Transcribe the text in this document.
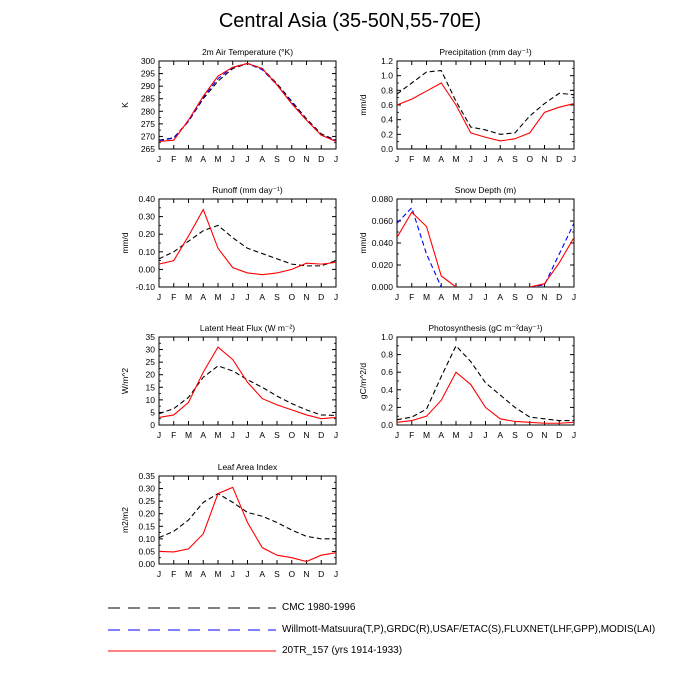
Central Asia (35-50N,55-70E)
2m Air Temperature (°K)
K
265
270
275
280
285
290
295
300
J F M A M J J A S O N D J
Precipitation (mm day⁻¹)
mm/d
0.0
0.2
0.4
0.6
0.8
1.0
1.2
J F M A M J J A S O N D J
Runoff (mm day⁻¹)
mm/d
-0.10
0.00
0.10
0.20
0.30
0.40
J F M A M J J A S O N D J
Snow Depth (m)
mm/d
0.000
0.020
0.040
0.060
0.080
J F M A M J J A S O N D J
Latent Heat Flux (W m⁻²)
W/m^2
0
5
10
15
20
25
30
35
J F M A M J J A S O N D J
Photosynthesis (gC m⁻²day⁻¹)
gC/m^2/d
0.0
0.2
0.4
0.6
0.8
1.0
J F M A M J J A S O N D J
Leaf Area Index
m2/m2
0.00
0.05
0.10
0.15
0.20
0.25
0.30
0.35
J F M A M J J A S O N D J
CMC 1980-1996
Willmott-Matsuura(T,P),GRDC(R),USAF/ETAC(S),FLUXNET(LHF,GPP),MODIS(LAI)
20TR_157 (yrs 1914-1933)
